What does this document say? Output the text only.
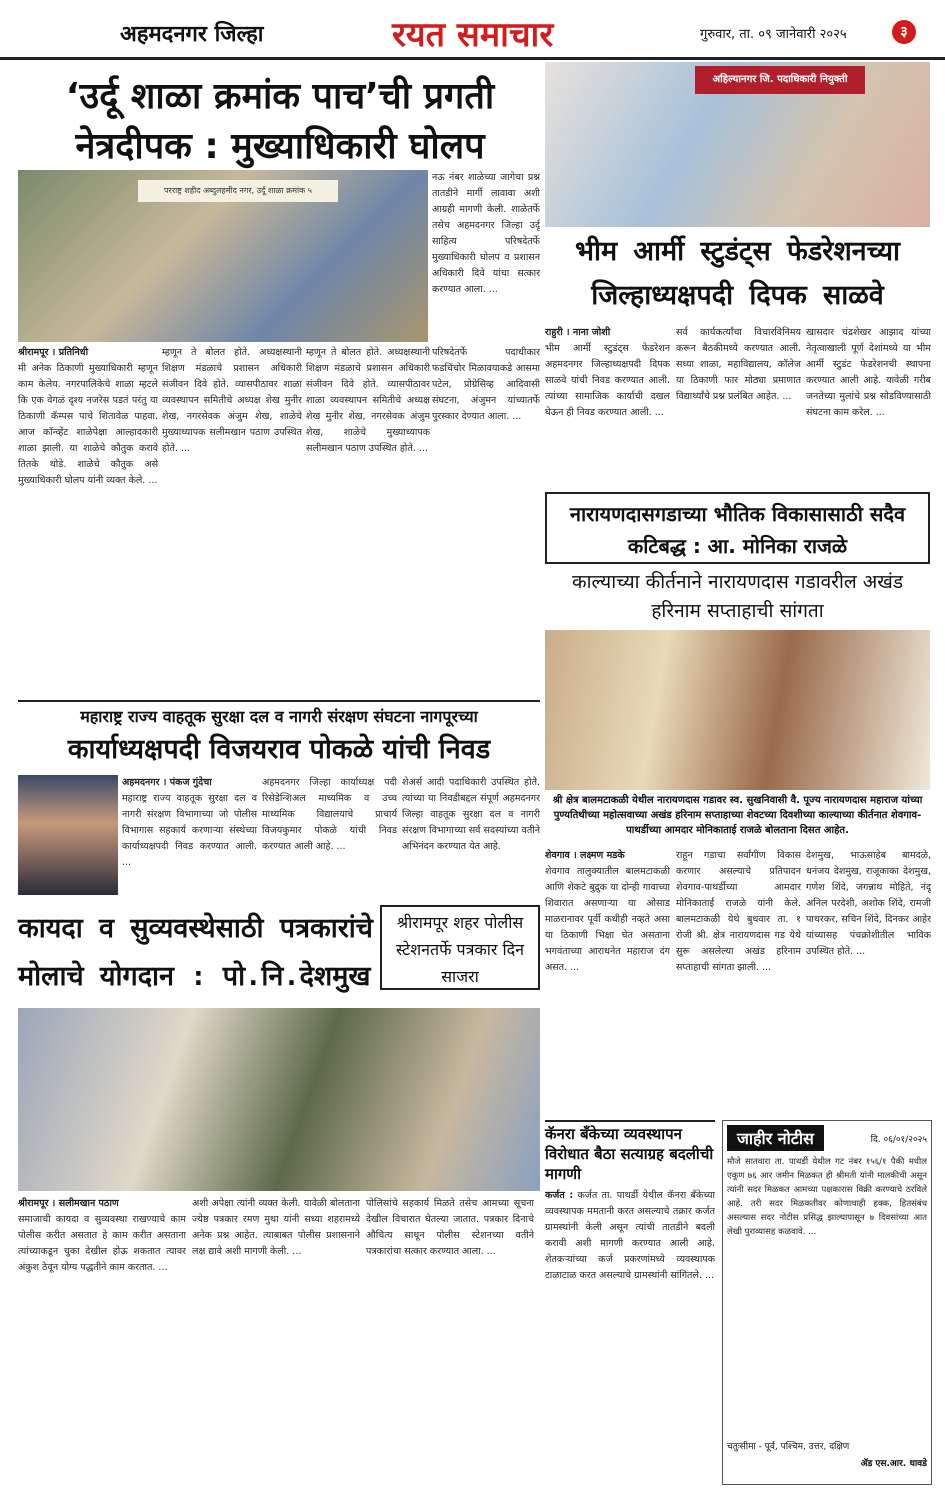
अहमदनगर जिल्हा	रयत समाचार	गुरुवार, ता. ०९ जानेवारी २०२५	३
‘उर्दू शाळा क्रमांक पाच’ची प्रगती नेत्रदीपक : मुख्याधिकारी घोलप
परराष्ट्र शहीद अब्दुलहमीद नगर, उर्दू शाळा क्रमांक ५
नऊ नंबर शाळेच्या जागेचा प्रश्न तातडीने मार्गी लावावा अशी आग्रही मागणी केली. शाळेतर्फे तसेच अहमदनगर जिल्हा उर्दू साहित्य परिषदेतर्फे मुख्याधिकारी घोलप व प्रशासन अधिकारी दिवे यांचा सत्कार करण्यात आला. ...
श्रीरामपूर । प्रतिनिधी
मी अनेक ठिकाणी मुख्याधिकारी म्हणून काम केलेय. नगरपालिकेचे शाळा म्हटले कि एक वेगळं दृश्य नजरेस पडतं परंतु या ठिकाणी कॅम्पस पाचे शितावेळ पाहवा. आज कॉन्व्हेंट शाळेपेक्षा आल्हादकारी शाळा झाली. या शाळेचे कौतुक करावे तितके थोडे. शाळेचे कौतुक असे मुख्याधिकारी घोलप यांनी व्यक्त केले. ...
म्हणून ते बोलत होते. अध्यक्षस्थानी शिक्षण मंडळाचे प्रशासन अधिकारी संजीवन दिवे होते. व्यासपीठावर शाळा व्यवस्थापन समितीचे अध्यक्ष शेख मुनीर शेख, नगरसेवक अंजुम शेख, शाळेचे मुख्याध्यापक सलीमखान पठाण उपस्थित होते. ...
म्हणून ते बोलत होते. अध्यक्षस्थानी शिक्षण मंडळाचे प्रशासन अधिकारी संजीवन दिवे होते. व्यासपीठावर शाळा व्यवस्थापन समितीचे अध्यक्ष शेख मुनीर शेख, नगरसेवक अंजुम शेख, शाळेचे मुख्याध्यापक सलीमखान पठाण उपस्थित होते. ...
परिषदेतर्फे पदाधीकार फडचिंचोर मिळावयाकडे आसमा पटेल, प्रोग्रेसिव्ह आदिवासी संघटना, अंजुमन यांच्यातर्फे पुरस्कार देण्यात आला. ...
अहिल्यानगर जि. पदाधिकारी नियुक्ती
भीम आर्मी स्टुडंट्स फेडरेशनच्या जिल्हाध्यक्षपदी दिपक साळवे
राहुरी । नाना जोशी
भीम आर्मी स्टुडंट्स फेडरेशन अहमदनगर जिल्हाध्यक्षपदी दिपक साळवे यांची निवड करण्यात आली. त्यांच्या सामाजिक कार्याची दखल घेऊन ही निवड करण्यात आली. ...
सर्व कार्यकर्त्यांचा विचारविनिमय करून बैठकीमध्ये करण्यात आली. सध्या शाळा, महाविद्यालय, कॉलेज या ठिकाणी फार मोठ्या प्रमाणात विद्यार्थ्यांचे प्रश्न प्रलंबित आहेत. ...
खासदार चंद्रशेखर आझाद यांच्या नेतृत्वाखाली पूर्ण देशांमध्ये या भीम आर्मी स्टुडंट फेडरेशनची स्थापना करण्यात आली आहे. यावेळी गरीब जनतेच्या मुलांचे प्रश्न सोडविण्यासाठी संघटना काम करेल. ...
नारायणदासगडाच्या भौतिक विकासासाठी सदैव कटिबद्ध : आ. मोनिका राजळे
काल्याच्या कीर्तनाने नारायणदास गडावरील अखंड हरिनाम सप्ताहाची सांगता
श्री क्षेत्र बालमटाकळी येथील नारायणदास गडावर स्व. सुखनिवासी वै. पूज्य नारायणदास महाराज यांच्या पुण्यतिथीच्या महोत्सवाच्या अखंड हरिनाम सप्ताहाच्या शेवटच्या दिवशीच्या काल्याच्या कीर्तनात शेवगाव-पाथर्डीच्या आमदार मोनिकाताई राजळे बोलताना दिसत आहेत.
शेवगाव । लक्ष्मण मडके
शेवगाव तालुक्यातील बालमटाकळी आणि शेकटे बुद्रुक या दोन्ही गावाच्या शिवारात असणाऱ्या या ओसाड माळरानावर पूर्वी कधीही नव्हते असा या ठिकाणी भिक्षा घेत असताना भगवंताच्या आराधनेत महाराज दंग असत. ...
राहून गडाचा सर्वांगीण विकास करणार असल्याचे प्रतिपादन शेवगाव-पाथर्डीच्या आमदार मोनिकाताई राजळे यांनी केले. बालमटाकळी येथे बुधवार ता. १ रोजी श्री. क्षेत्र नारायणदास गड येथे सुरू असलेल्या अखंड हरिनाम सप्ताहाची सांगता झाली. ...
देशमुख, भाऊसाहेब बामदळे, धनंजय देशमुख, राजूकाका देशमुख, गणेश शिंदे, जगन्नाथ मोहिते, नंदू अनिल परदेशी, अशोक शिंदे, रामजी पाथरकर, सचिन शिंदे, दिनकर आहेर यांच्यासह पंचक्रोशीतील भाविक उपस्थित होते. ...
महाराष्ट्र राज्य वाहतूक सुरक्षा दल व नागरी संरक्षण संघटना नागपूरच्या
कार्याध्यक्षपदी विजयराव पोकळे यांची निवड
अहमदनगर । पंकज गुंदेचा
महाराष्ट्र राज्य वाहतूक सुरक्षा दल व नागरी संरक्षण विभागाच्या जो पोलीस विभागास सहकार्य करणाऱ्या संस्थेच्या कार्याध्यक्षपदी निवड करण्यात आली. ...
अहमदनगर जिल्हा कार्याध्यक्ष पदी रिसेडेन्शिअल माध्यमिक व उच्च माध्यमिक विद्यालयाचे प्राचार्य विजयकुमार पोकळे यांची निवड करण्यात आली आहे. ...
शेअर्स आदी पदाधिकारी उपस्थित होते. त्यांच्या या निवडीबद्दल संपूर्ण अहमदनगर जिल्हा वाहतूक सुरक्षा दल व नागरी संरक्षण विभागाच्या सर्व सदस्यांच्या वतीने अभिनंदन करण्यात येत आहे.
कायदा व सुव्यवस्थेसाठी पत्रकारांचे मोलाचे योगदान : पो.नि.देशमुख
श्रीरामपूर शहर पोलीस स्टेशनतर्फे पत्रकार दिन साजरा
श्रीरामपूर । सलीमखान पठाण
समाजाची कायदा व सुव्यवस्था राखण्याचे काम पोलीस करीत असतात हे काम करीत असताना त्यांच्याकडून चुका देखील होऊ शकतात त्यावर अंकुश ठेवून योग्य पद्धतीने काम करतात. ...
अशी अपेक्षा त्यांनी व्यक्त केली. यावेळी बोलताना ज्येष्ठ पत्रकार रमण मुथा यांनी सध्या शहरामध्ये अनेक प्रश्न आहेत. त्याबाबत पोलीस प्रशासनाने लक्ष द्यावे अशी मागणी केली. ...
पोलिसांचे सहकार्य मिळते तसेच आमच्या सूचना देखील विचारात घेतल्या जातात. पत्रकार दिनाचे औचित्य साधून पोलीस स्टेशनच्या वतीने पत्रकारांचा सत्कार करण्यात आला. ...
कॅनरा बँकेच्या व्यवस्थापन विरोधात बैठा सत्याग्रह बदलीची मागणी
कर्जत : कर्जत ता. पाथर्डी येथील कॅनरा बँकेच्या व्यवस्थापक ममतानी करत असल्याचे तक्रार कर्जत ग्रामस्थांनी केली असून त्यांची तातडीने बदली करावी अशी मागणी करण्यात आली आहे. शेतकऱ्यांच्या कर्ज प्रकरणांमध्ये व्यवस्थापक टाळाटाळ करत असल्याचे ग्रामस्थांनी सांगितले. ...
जाहीर नोटीस	दि. ०६/०१/२०२५
मौजे सातवारा ता. पाथर्डी येथील गट नंबर १५६/१ पैकी मधील एकूण ७६ आर जमीन मिळकत ही श्रीमती यांनी मालकीची असून त्यांनी सदर मिळकत आमच्या पक्षकारास विक्री करण्याचे ठरविले आहे. तरी सदर मिळकतीवर कोणाचाही हक्क, हितसंबंध असल्यास सदर नोटीस प्रसिद्ध झाल्यापासून ७ दिवसांच्या आत लेखी पुराव्यासह कळवावे. ...
चतुःसीमा - पूर्व, पश्चिम, उत्तर, दक्षिण
ॲड एस.आर. धावडे
